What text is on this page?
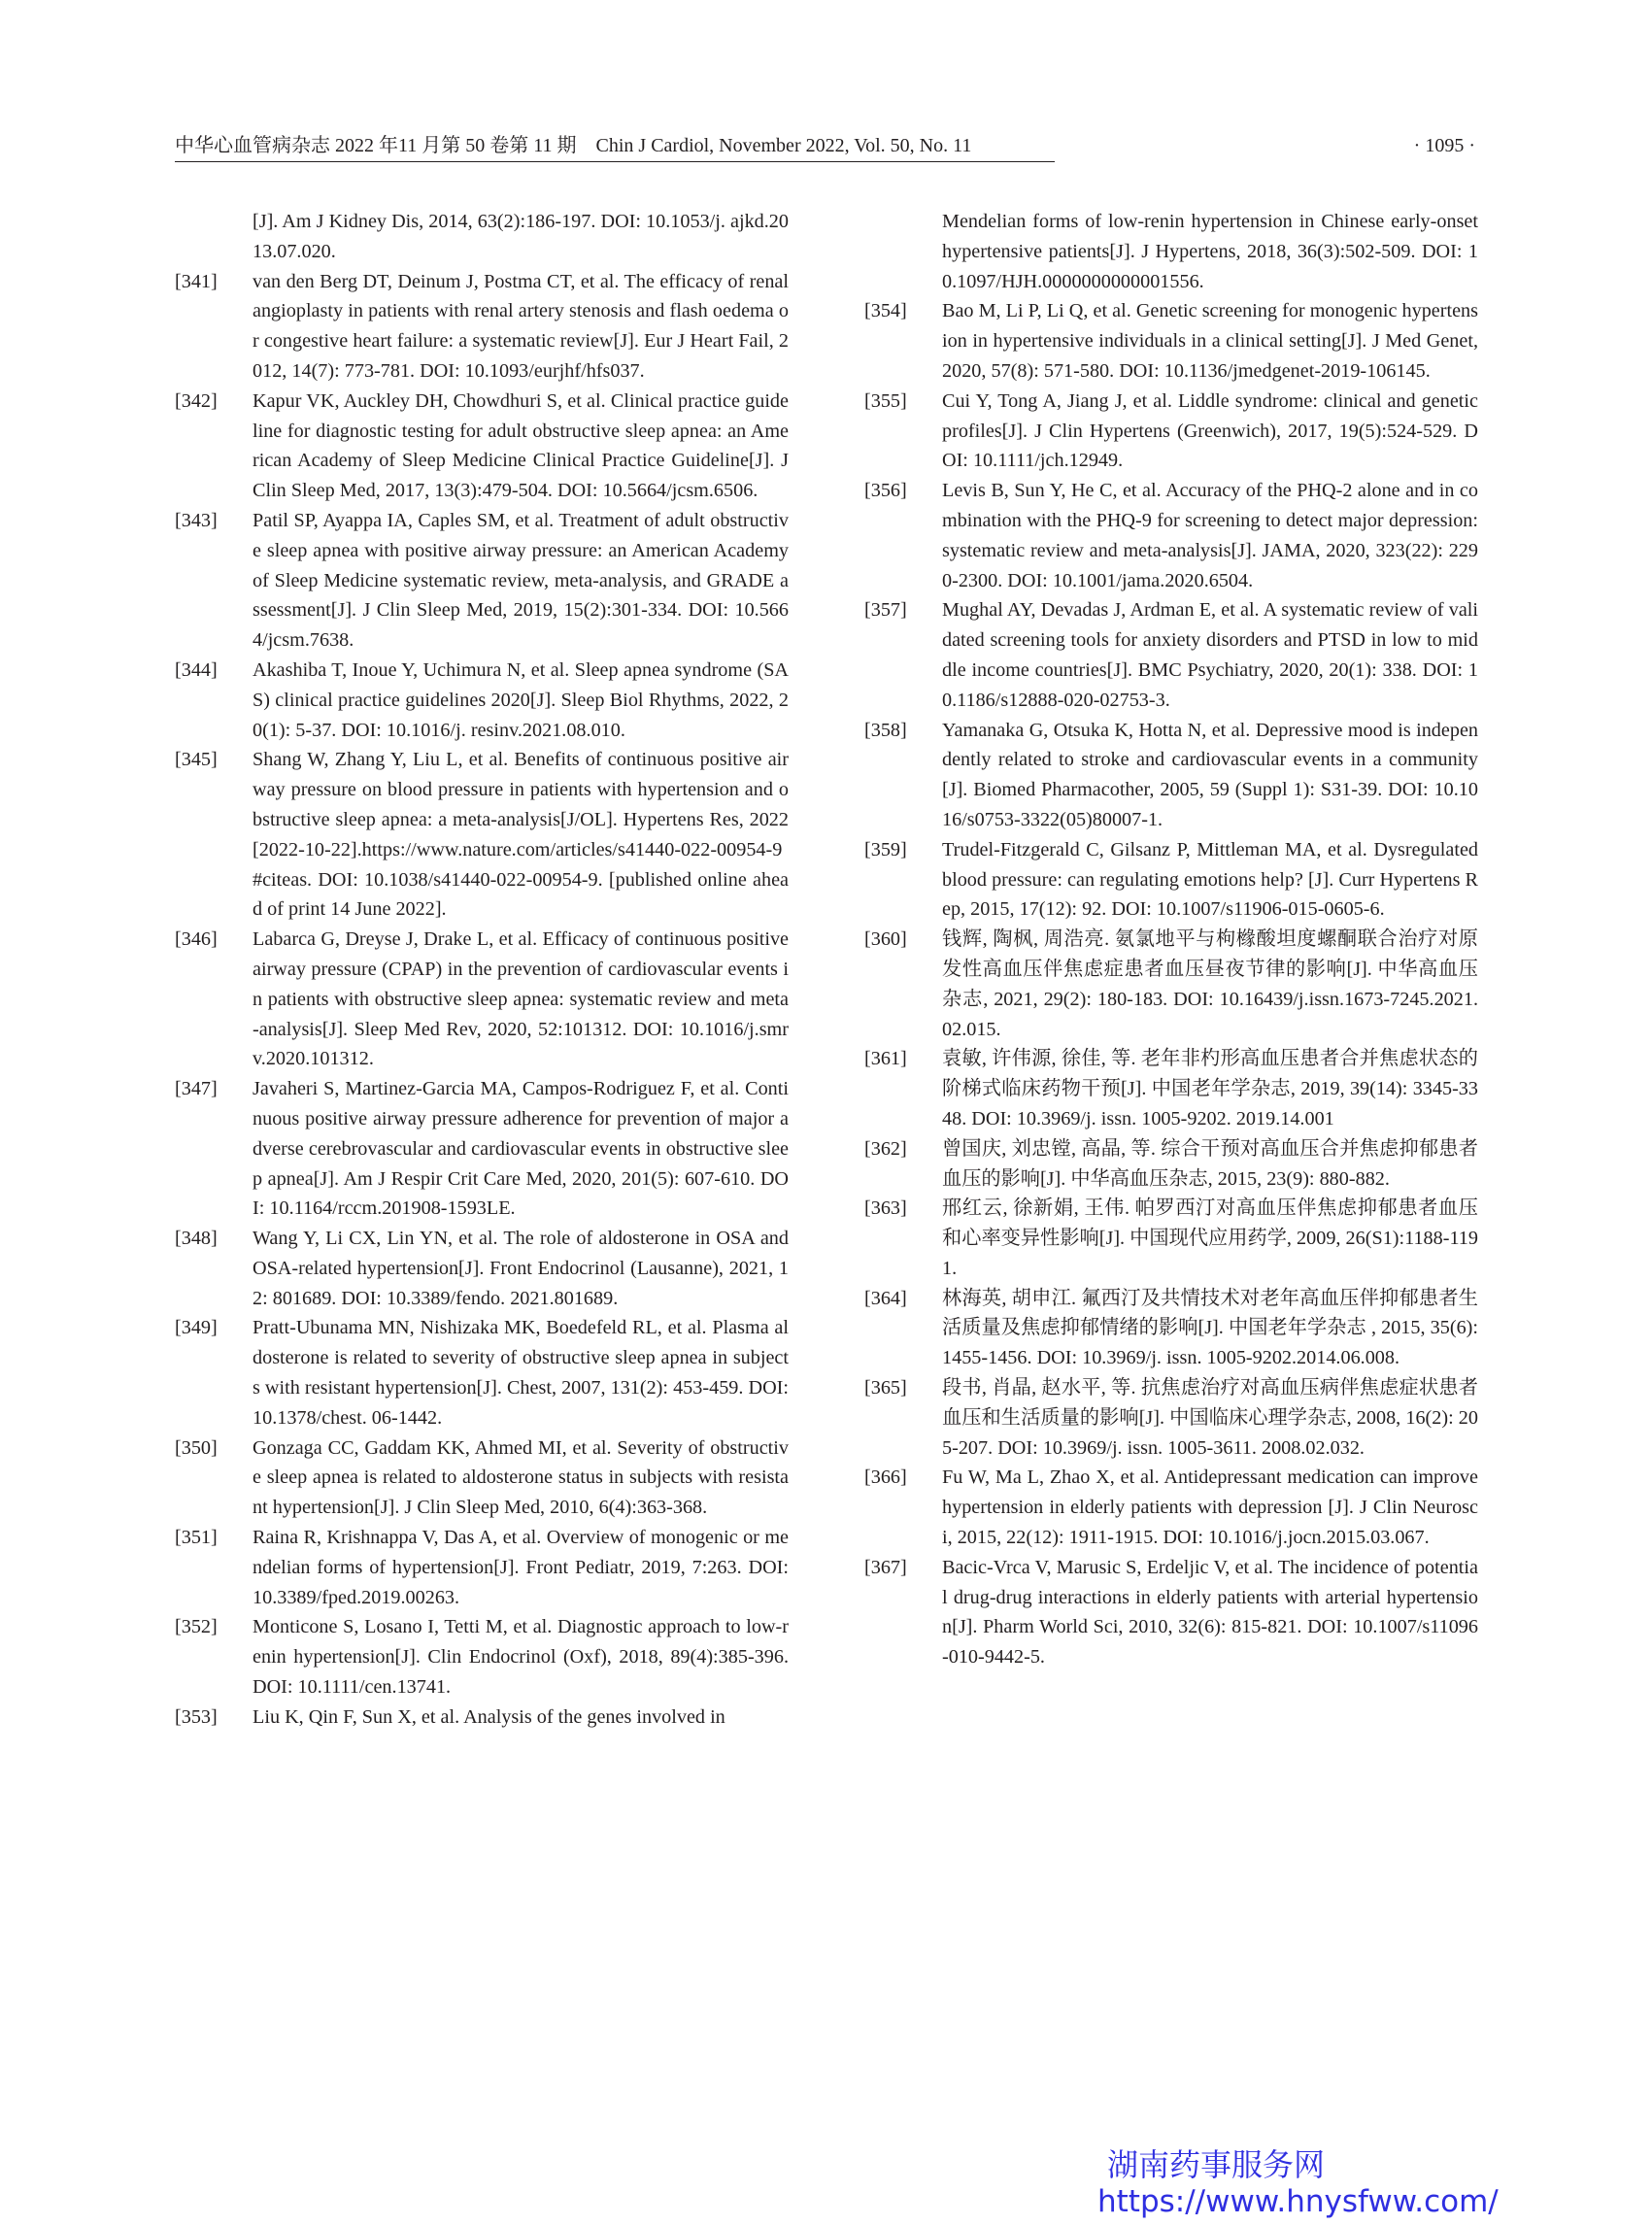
中华心血管病杂志 2022 年11 月第 50 卷第 11 期　Chin J Cardiol, November 2022, Vol. 50, No. 11	· 1095 ·

[J]. Am J Kidney Dis, 2014, 63(2):186-197. DOI: 10.1053/j. ajkd.2013.07.020.

[341] van den Berg DT, Deinum J, Postma CT, et al. The efficacy of renal angioplasty in patients with renal artery stenosis and flash oedema or congestive heart failure: a systematic review[J]. Eur J Heart Fail, 2012, 14(7): 773-781. DOI: 10.1093/eurjhf/hfs037.

[342] Kapur VK, Auckley DH, Chowdhuri S, et al. Clinical practice guideline for diagnostic testing for adult obstructive sleep apnea: an American Academy of Sleep Medicine Clinical Practice Guideline[J]. J Clin Sleep Med, 2017, 13(3):479-504. DOI: 10.5664/jcsm.6506.

[343] Patil SP, Ayappa IA, Caples SM, et al. Treatment of adult obstructive sleep apnea with positive airway pressure: an American Academy of Sleep Medicine systematic review, meta-analysis, and GRADE assessment[J]. J Clin Sleep Med, 2019, 15(2):301-334. DOI: 10.5664/jcsm.7638.

[344] Akashiba T, Inoue Y, Uchimura N, et al. Sleep apnea syndrome (SAS) clinical practice guidelines 2020[J]. Sleep Biol Rhythms, 2022, 20(1): 5-37. DOI: 10.1016/j. resinv.2021.08.010.

[345] Shang W, Zhang Y, Liu L, et al. Benefits of continuous positive airway pressure on blood pressure in patients with hypertension and obstructive sleep apnea: a meta-analysis[J/OL]. Hypertens Res, 2022 [2022-10-22].https://www.nature.com/articles/s41440-022-00954-9#citeas. DOI: 10.1038/s41440-022-00954-9. [published online ahead of print 14 June 2022].

[346] Labarca G, Dreyse J, Drake L, et al. Efficacy of continuous positive airway pressure (CPAP) in the prevention of cardiovascular events in patients with obstructive sleep apnea: systematic review and meta-analysis[J]. Sleep Med Rev, 2020, 52:101312. DOI: 10.1016/j.smrv.2020.101312.

[347] Javaheri S, Martinez-Garcia MA, Campos-Rodriguez F, et al. Continuous positive airway pressure adherence for prevention of major adverse cerebrovascular and cardiovascular events in obstructive sleep apnea[J]. Am J Respir Crit Care Med, 2020, 201(5): 607-610. DOI: 10.1164/rccm.201908-1593LE.

[348] Wang Y, Li CX, Lin YN, et al. The role of aldosterone in OSA and OSA-related hypertension[J]. Front Endocrinol (Lausanne), 2021, 12: 801689. DOI: 10.3389/fendo. 2021.801689.

[349] Pratt-Ubunama MN, Nishizaka MK, Boedefeld RL, et al. Plasma aldosterone is related to severity of obstructive sleep apnea in subjects with resistant hypertension[J]. Chest, 2007, 131(2): 453-459. DOI: 10.1378/chest. 06-1442.

[350] Gonzaga CC, Gaddam KK, Ahmed MI, et al. Severity of obstructive sleep apnea is related to aldosterone status in subjects with resistant hypertension[J]. J Clin Sleep Med, 2010, 6(4):363-368.

[351] Raina R, Krishnappa V, Das A, et al. Overview of monogenic or mendelian forms of hypertension[J]. Front Pediatr, 2019, 7:263. DOI: 10.3389/fped.2019.00263.

[352] Monticone S, Losano I, Tetti M, et al. Diagnostic approach to low-renin hypertension[J]. Clin Endocrinol (Oxf), 2018, 89(4):385-396. DOI: 10.1111/cen.13741.

[353] Liu K, Qin F, Sun X, et al. Analysis of the genes involved in

Mendelian forms of low-renin hypertension in Chinese early-onset hypertensive patients[J]. J Hypertens, 2018, 36(3):502-509. DOI: 10.1097/HJH.0000000000001556.

[354] Bao M, Li P, Li Q, et al. Genetic screening for monogenic hypertension in hypertensive individuals in a clinical setting[J]. J Med Genet, 2020, 57(8): 571-580. DOI: 10.1136/jmedgenet-2019-106145.

[355] Cui Y, Tong A, Jiang J, et al. Liddle syndrome: clinical and genetic profiles[J]. J Clin Hypertens (Greenwich), 2017, 19(5):524-529. DOI: 10.1111/jch.12949.

[356] Levis B, Sun Y, He C, et al. Accuracy of the PHQ-2 alone and in combination with the PHQ-9 for screening to detect major depression: systematic review and meta-analysis[J]. JAMA, 2020, 323(22): 2290-2300. DOI: 10.1001/jama.2020.6504.

[357] Mughal AY, Devadas J, Ardman E, et al. A systematic review of validated screening tools for anxiety disorders and PTSD in low to middle income countries[J]. BMC Psychiatry, 2020, 20(1): 338. DOI: 10.1186/s12888-020-02753-3.

[358] Yamanaka G, Otsuka K, Hotta N, et al. Depressive mood is independently related to stroke and cardiovascular events in a community[J]. Biomed Pharmacother, 2005, 59 (Suppl 1): S31-39. DOI: 10.1016/s0753-3322(05)80007-1.

[359] Trudel-Fitzgerald C, Gilsanz P, Mittleman MA, et al. Dysregulated blood pressure: can regulating emotions help? [J]. Curr Hypertens Rep, 2015, 17(12): 92. DOI: 10.1007/s11906-015-0605-6.

[360] 钱辉, 陶枫, 周浩亮. 氨氯地平与枸橼酸坦度螺酮联合治疗对原发性高血压伴焦虑症患者血压昼夜节律的影响[J]. 中华高血压杂志, 2021, 29(2): 180-183. DOI: 10.16439/j.issn.1673-7245.2021.02.015.

[361] 袁敏, 许伟源, 徐佳, 等. 老年非杓形高血压患者合并焦虑状态的阶梯式临床药物干预[J]. 中国老年学杂志, 2019, 39(14): 3345-3348. DOI: 10.3969/j. issn. 1005-9202. 2019.14.001

[362] 曾国庆, 刘忠镗, 高晶, 等. 综合干预对高血压合并焦虑抑郁患者血压的影响[J]. 中华高血压杂志, 2015, 23(9): 880-882.

[363] 邢红云, 徐新娟, 王伟. 帕罗西汀对高血压伴焦虑抑郁患者血压和心率变异性影响[J]. 中国现代应用药学, 2009, 26(S1):1188-1191.

[364] 林海英, 胡申江. 氟西汀及共情技术对老年高血压伴抑郁患者生活质量及焦虑抑郁情绪的影响[J]. 中国老年学杂志 , 2015, 35(6): 1455-1456. DOI: 10.3969/j. issn. 1005-9202.2014.06.008.

[365] 段书, 肖晶, 赵水平, 等. 抗焦虑治疗对高血压病伴焦虑症状患者血压和生活质量的影响[J]. 中国临床心理学杂志, 2008, 16(2): 205-207. DOI: 10.3969/j. issn. 1005-3611. 2008.02.032.

[366] Fu W, Ma L, Zhao X, et al. Antidepressant medication can improve hypertension in elderly patients with depression [J]. J Clin Neurosci, 2015, 22(12): 1911-1915. DOI: 10.1016/j.jocn.2015.03.067.

[367] Bacic-Vrca V, Marusic S, Erdeljic V, et al. The incidence of potential drug-drug interactions in elderly patients with arterial hypertension[J]. Pharm World Sci, 2010, 32(6): 815-821. DOI: 10.1007/s11096-010-9442-5.

湖南药事服务网
https://www.hnysfww.com/
